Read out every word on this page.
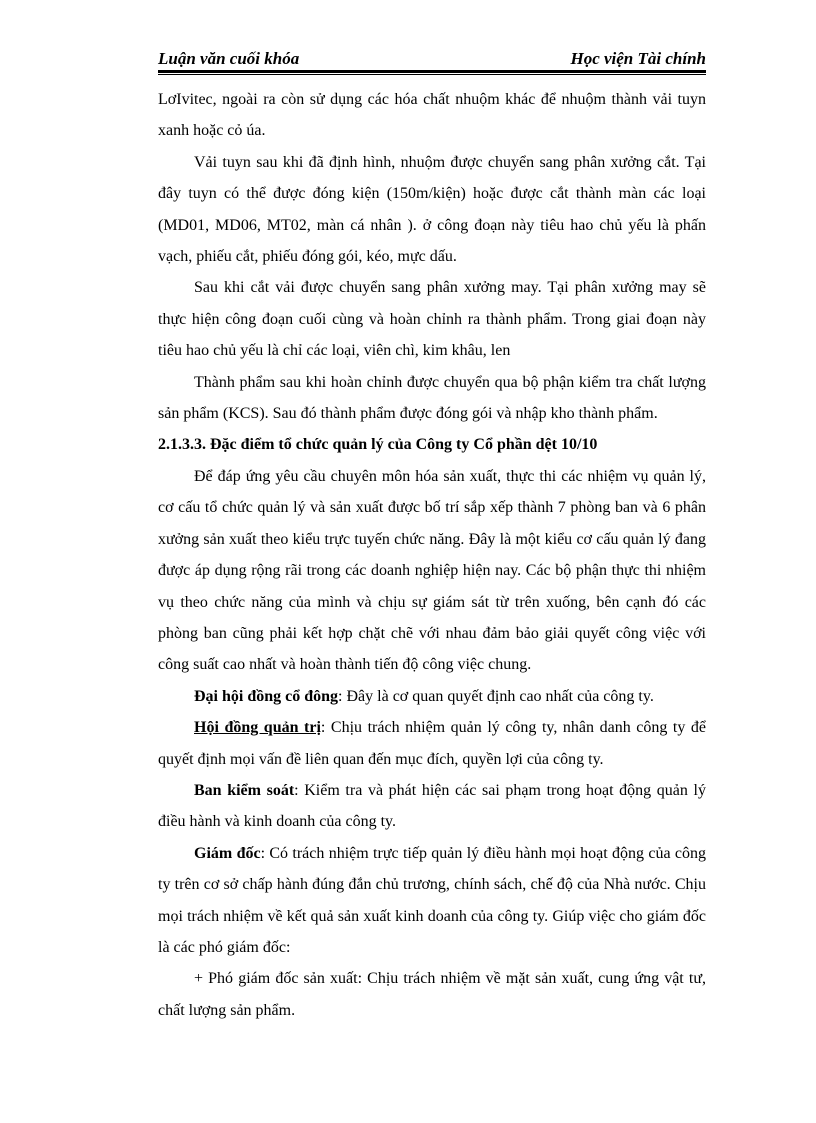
Luận văn cuối khóa	Học viện Tài chính

LơIvitec, ngoài ra còn sử dụng các hóa chất nhuộm khác để nhuộm thành vải tuyn xanh hoặc cỏ úa.

Vải tuyn sau khi đã định hình, nhuộm được chuyển sang phân xưởng cắt. Tại đây tuyn có thể được đóng kiện (150m/kiện) hoặc được cắt thành màn các loại (MD01, MD06, MT02, màn cá nhân ). ở công đoạn này tiêu hao chủ yếu là phấn vạch, phiếu cắt, phiếu đóng gói, kéo, mực dấu.

Sau khi cắt vải được chuyển sang phân xưởng may. Tại phân xưởng may sẽ thực hiện công đoạn cuối cùng và hoàn chỉnh ra thành phẩm. Trong giai đoạn này tiêu hao chủ yếu là chỉ các loại, viên chì, kim khâu, len

Thành phẩm sau khi hoàn chỉnh được chuyển qua bộ phận kiểm tra chất lượng sản phẩm (KCS). Sau đó thành phẩm được đóng gói và nhập kho thành phẩm.

2.1.3.3. Đặc điểm tổ chức quản lý của Công ty Cổ phần dệt 10/10

Để đáp ứng yêu cầu chuyên môn hóa sản xuất, thực thi các nhiệm vụ quản lý, cơ cấu tổ chức quản lý và sản xuất được bố trí sắp xếp thành 7 phòng ban và 6 phân xưởng sản xuất theo kiểu trực tuyến chức năng. Đây là một kiểu cơ cấu quản lý đang được áp dụng rộng rãi trong các doanh nghiệp hiện nay. Các bộ phận thực thi nhiệm vụ theo chức năng của mình và chịu sự giám sát từ trên xuống, bên cạnh đó các phòng ban cũng phải kết hợp chặt chẽ với nhau đảm bảo giải quyết công việc với công suất cao nhất và hoàn thành tiến độ công việc chung.

Đại hội đồng cổ đông: Đây là cơ quan quyết định cao nhất của công ty.

Hội đồng quản trị: Chịu trách nhiệm quản lý công ty, nhân danh công ty để quyết định mọi vấn đề liên quan đến mục đích, quyền lợi của công ty.

Ban kiểm soát: Kiểm tra và phát hiện các sai phạm trong hoạt động quản lý điều hành và kinh doanh của công ty.

Giám đốc: Có trách nhiệm trực tiếp quản lý điều hành mọi hoạt động của công ty trên cơ sở chấp hành đúng đắn chủ trương, chính sách, chế độ của Nhà nước. Chịu mọi trách nhiệm về kết quả sản xuất kinh doanh của công ty. Giúp việc cho giám đốc là các phó giám đốc:

+ Phó giám đốc sản xuất: Chịu trách nhiệm về mặt sản xuất, cung ứng vật tư, chất lượng sản phẩm.
